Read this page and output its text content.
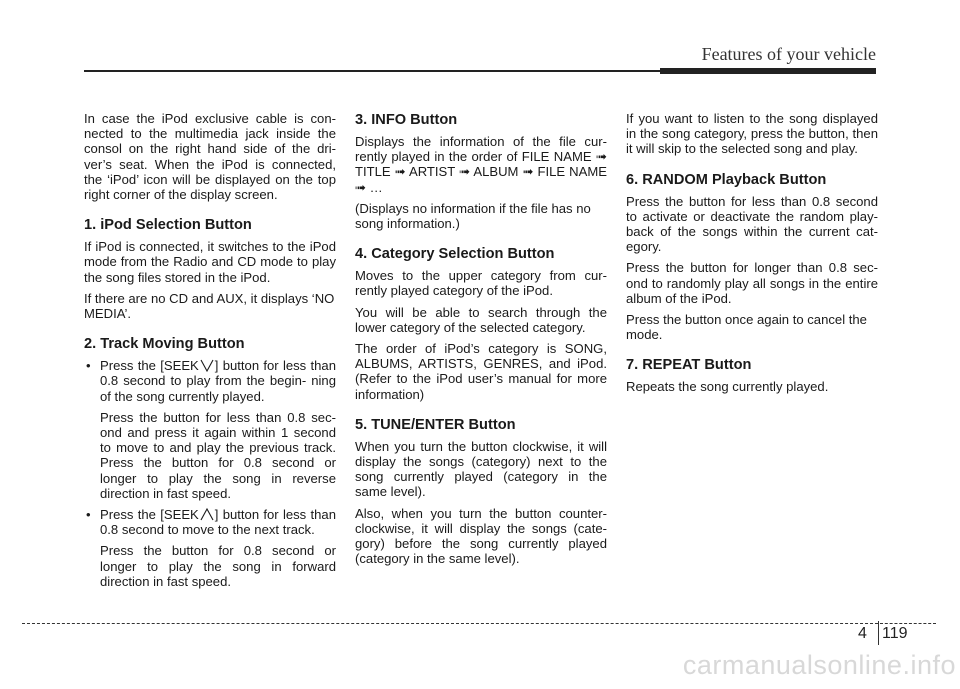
Features of your vehicle

In case the iPod exclusive cable is con- nected to the multimedia jack inside the consol on the right hand side of the dri- ver’s seat. When the iPod is connected, the ‘iPod’ icon will be displayed on the top right corner of the display screen.

1. iPod Selection Button

If iPod is connected, it switches to the iPod mode from the Radio and CD mode to play the song files stored in the iPod.

If there are no CD and AUX, it displays ‘NO MEDIA’.

2. Track Moving Button
• Press the [SEEK ] button for less than 0.8 second to play from the begin- ning of the song currently played.

Press the button for less than 0.8 sec- ond and press it again within 1 second to move to and play the previous track. Press the button for 0.8 second or longer to play the song in reverse direction in fast speed.

• Press the [SEEK ] button for less than 0.8 second to move to the next track.

Press the button for 0.8 second or longer to play the song in forward direction in fast speed.

3. INFO Button

Displays the information of the file cur- rently played in the order of FILE NAME ➟ TITLE ➟ ARTIST ➟ ALBUM ➟ FILE NAME ➟ …

(Displays no information if the file has no song information.)

4. Category Selection Button

Moves to the upper category from cur- rently played category of the iPod.

You will be able to search through the lower category of the selected category.

The order of iPod’s category is SONG, ALBUMS, ARTISTS, GENRES, and iPod. (Refer to the iPod user’s manual for more information)

5. TUNE/ENTER Button

When you turn the button clockwise, it will display the songs (category) next to the song currently played (category in the same level).

Also, when you turn the button counter- clockwise, it will display the songs (cate- gory) before the song currently played (category in the same level).

If you want to listen to the song displayed in the song category, press the button, then it will skip to the selected song and play.

6. RANDOM Playback Button

Press the button for less than 0.8 second to activate or deactivate the random play- back of the songs within the current cat- egory.

Press the button for longer than 0.8 sec- ond to randomly play all songs in the entire album of the iPod.

Press the button once again to cancel the mode.

7. REPEAT Button

Repeats the song currently played.

4 119
carmanualsonline.info
